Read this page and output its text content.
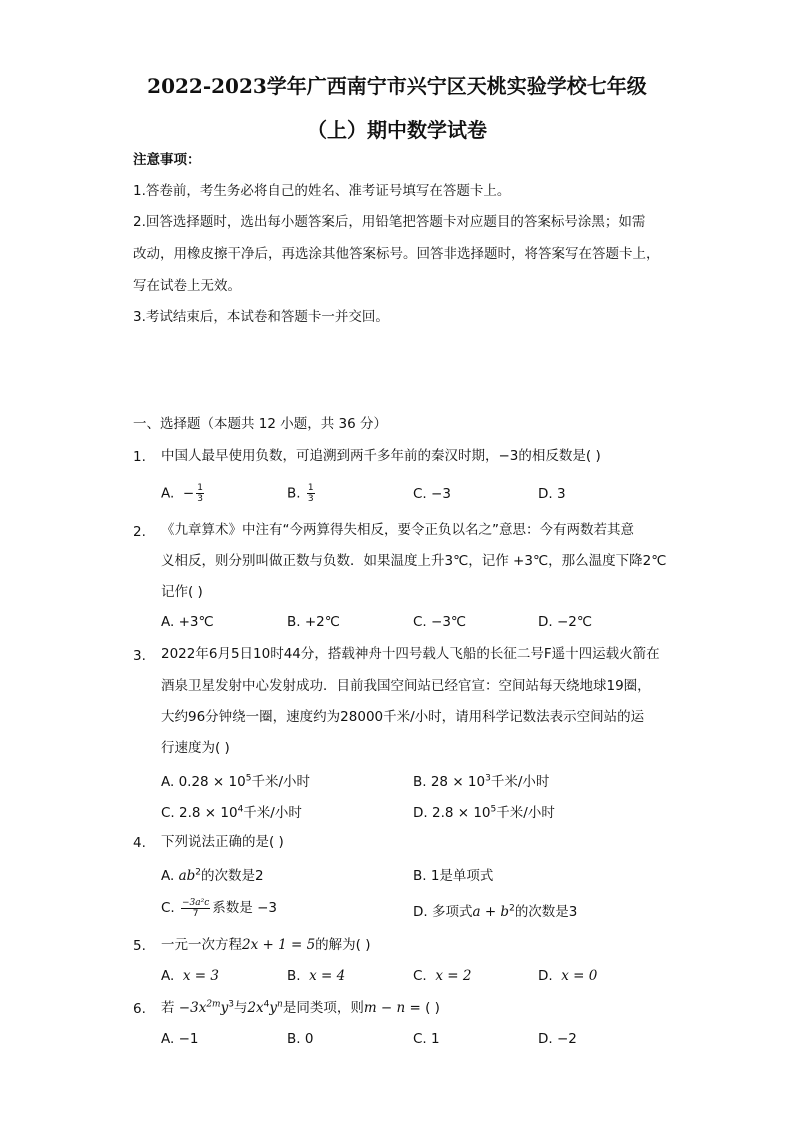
2022-2023学年广西南宁市兴宁区天桃实验学校七年级
（上）期中数学试卷
注意事项：
1.答卷前，考生务必将自己的姓名、准考证号填写在答题卡上。
2.回答选择题时，选出每小题答案后，用铅笔把答题卡对应题目的答案标号涂黑；如需
改动，用橡皮擦干净后，再选涂其他答案标号。回答非选择题时，将答案写在答题卡上，
写在试卷上无效。
3.考试结束后，本试卷和答题卡一并交回。
一、选择题（本题共 12 小题，共 36 分）
1. 中国人最早使用负数，可追溯到两千多年前的秦汉时期，−3的相反数是( )
A. − $\frac{1}{3}$	B. $\frac{1}{3}$	C. −3	D. 3
2. 《九章算术》中注有“今两算得失相反，要令正负以名之”意思：今有两数若其意
义相反，则分别叫做正数与负数．如果温度上升3℃，记作 +3℃，那么温度下降2℃
记作( )
A. +3℃	B. +2℃	C. −3℃	D. −2℃
3. 2022年6月5日10时44分，搭载神舟十四号载人飞船的长征二号F遥十四运载火箭在
酒泉卫星发射中心发射成功．目前我国空间站已经官宣：空间站每天绕地球19圈，
大约96分钟绕一圈，速度约为28000千米/小时，请用科学记数法表示空间站的运
行速度为( )
A. $0.28 \times 10^5$千米/小时	B. $28 \times 10^3$千米/小时
C. $2.8 \times 10^4$千米/小时	D. $2.8 \times 10^5$千米/小时
4. 下列说法正确的是( )
A. $ab^2$的次数是2	B. 1是单项式
C. $\frac{\text{−3a²c}}{7}$ 系数是 −3	D. 多项式$a + b^2$的次数是3
5. 一元一次方程2x + 1 = 5的解为( )
A. x = 3	B. x = 4	C. x = 2	D. x = 0
6. 若 $-3x^{2m}y^3$与$2x^4y^n$是同类项，则m − n = ( )
A. −1	B. 0	C. 1	D. −2
